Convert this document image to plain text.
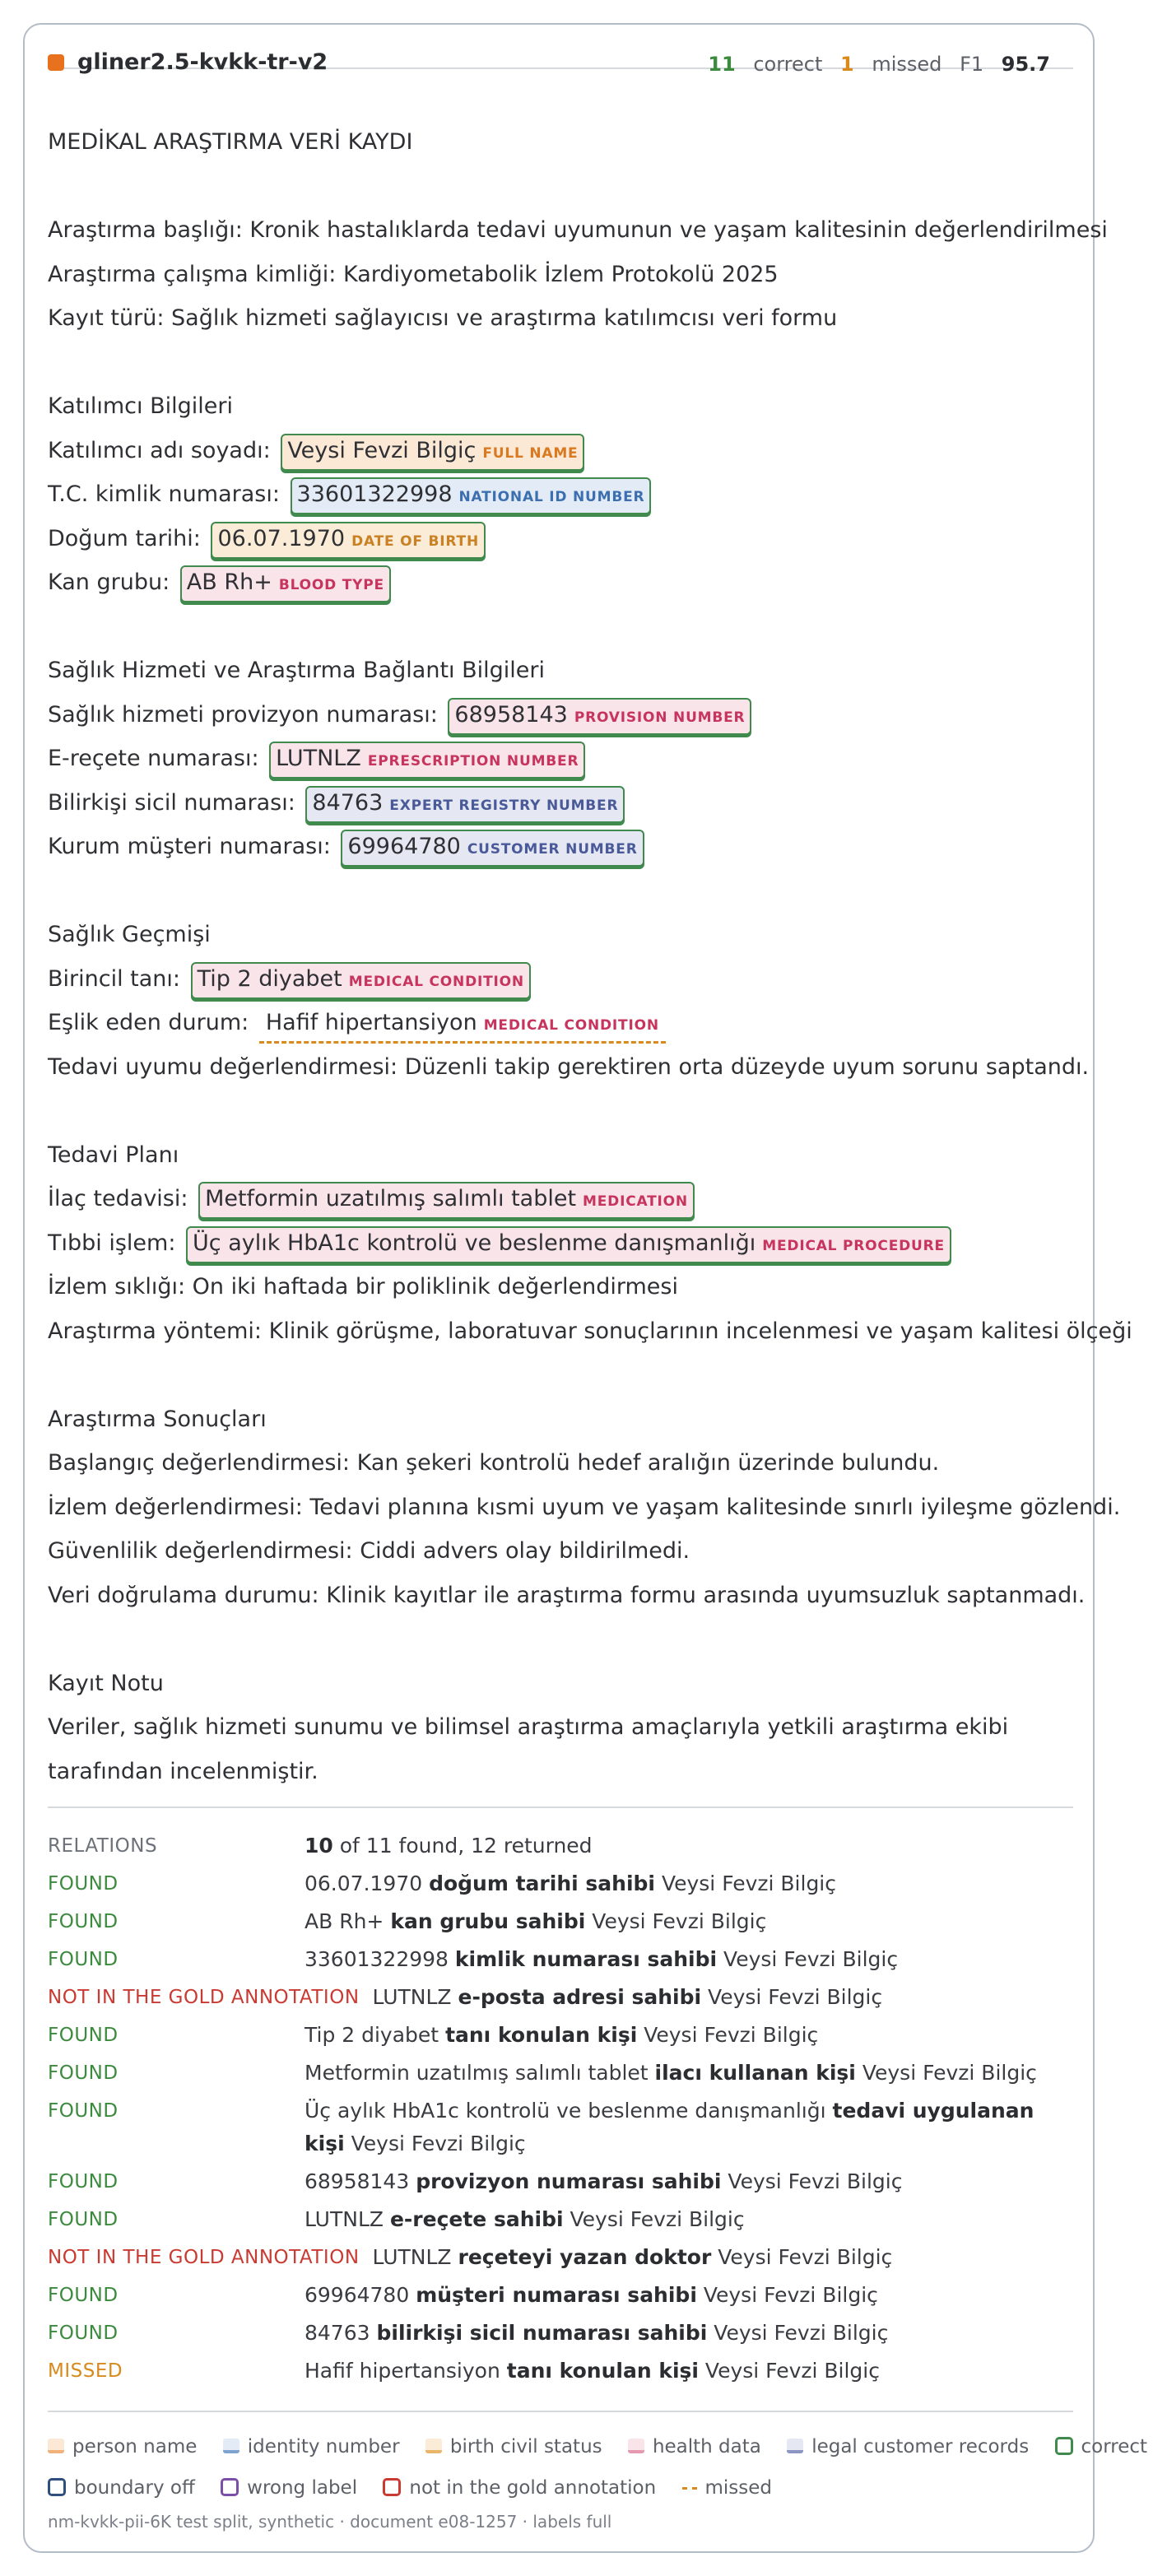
gliner2.5-kvkk-tr-v2	11 correct 1 missed F1 95.7
MEDİKAL ARAŞTIRMA VERİ KAYDI
Araştırma başlığı: Kronik hastalıklarda tedavi uyumunun ve yaşam kalitesinin değerlendirilmesi
Araştırma çalışma kimliği: Kardiyometabolik İzlem Protokolü 2025
Kayıt türü: Sağlık hizmeti sağlayıcısı ve araştırma katılımcısı veri formu
Katılımcı Bilgileri
Katılımcı adı soyadı: Veysi Fevzi Bilgiç FULL NAME
T.C. kimlik numarası: 33601322998 NATIONAL ID NUMBER
Doğum tarihi: 06.07.1970 DATE OF BIRTH
Kan grubu: AB Rh+ BLOOD TYPE
Sağlık Hizmeti ve Araştırma Bağlantı Bilgileri
Sağlık hizmeti provizyon numarası: 68958143 PROVISION NUMBER
E-reçete numarası: LUTNLZ EPRESCRIPTION NUMBER
Bilirkişi sicil numarası: 84763 EXPERT REGISTRY NUMBER
Kurum müşteri numarası: 69964780 CUSTOMER NUMBER
Sağlık Geçmişi
Birincil tanı: Tip 2 diyabet MEDICAL CONDITION
Eşlik eden durum: Hafif hipertansiyon MEDICAL CONDITION
Tedavi uyumu değerlendirmesi: Düzenli takip gerektiren orta düzeyde uyum sorunu saptandı.
Tedavi Planı
İlaç tedavisi: Metformin uzatılmış salımlı tablet MEDICATION
Tıbbi işlem: Üç aylık HbA1c kontrolü ve beslenme danışmanlığı MEDICAL PROCEDURE
İzlem sıklığı: On iki haftada bir poliklinik değerlendirmesi
Araştırma yöntemi: Klinik görüşme, laboratuvar sonuçlarının incelenmesi ve yaşam kalitesi ölçeği
Araştırma Sonuçları
Başlangıç değerlendirmesi: Kan şekeri kontrolü hedef aralığın üzerinde bulundu.
İzlem değerlendirmesi: Tedavi planına kısmi uyum ve yaşam kalitesinde sınırlı iyileşme gözlendi.
Güvenlilik değerlendirmesi: Ciddi advers olay bildirilmedi.
Veri doğrulama durumu: Klinik kayıtlar ile araştırma formu arasında uyumsuzluk saptanmadı.
Kayıt Notu
Veriler, sağlık hizmeti sunumu ve bilimsel araştırma amaçlarıyla yetkili araştırma ekibi tarafından incelenmiştir.
RELATIONS	10 of 11 found, 12 returned
FOUND	06.07.1970 doğum tarihi sahibi Veysi Fevzi Bilgiç
FOUND	AB Rh+ kan grubu sahibi Veysi Fevzi Bilgiç
FOUND	33601322998 kimlik numarası sahibi Veysi Fevzi Bilgiç
NOT IN THE GOLD ANNOTATION LUTNLZ e-posta adresi sahibi Veysi Fevzi Bilgiç
FOUND	Tip 2 diyabet tanı konulan kişi Veysi Fevzi Bilgiç
FOUND	Metformin uzatılmış salımlı tablet ilacı kullanan kişi Veysi Fevzi Bilgiç
FOUND	Üç aylık HbA1c kontrolü ve beslenme danışmanlığı tedavi uygulanan kişi Veysi Fevzi Bilgiç
FOUND	68958143 provizyon numarası sahibi Veysi Fevzi Bilgiç
FOUND	LUTNLZ e-reçete sahibi Veysi Fevzi Bilgiç
NOT IN THE GOLD ANNOTATION LUTNLZ reçeteyi yazan doktor Veysi Fevzi Bilgiç
FOUND	69964780 müşteri numarası sahibi Veysi Fevzi Bilgiç
FOUND	84763 bilirkişi sicil numarası sahibi Veysi Fevzi Bilgiç
MISSED	Hafif hipertansiyon tanı konulan kişi Veysi Fevzi Bilgiç
person name	identity number	birth civil status	health data	legal customer records	correct
boundary off	wrong label	not in the gold annotation	missed
nm-kvkk-pii-6K test split, synthetic · document e08-1257 · labels full
